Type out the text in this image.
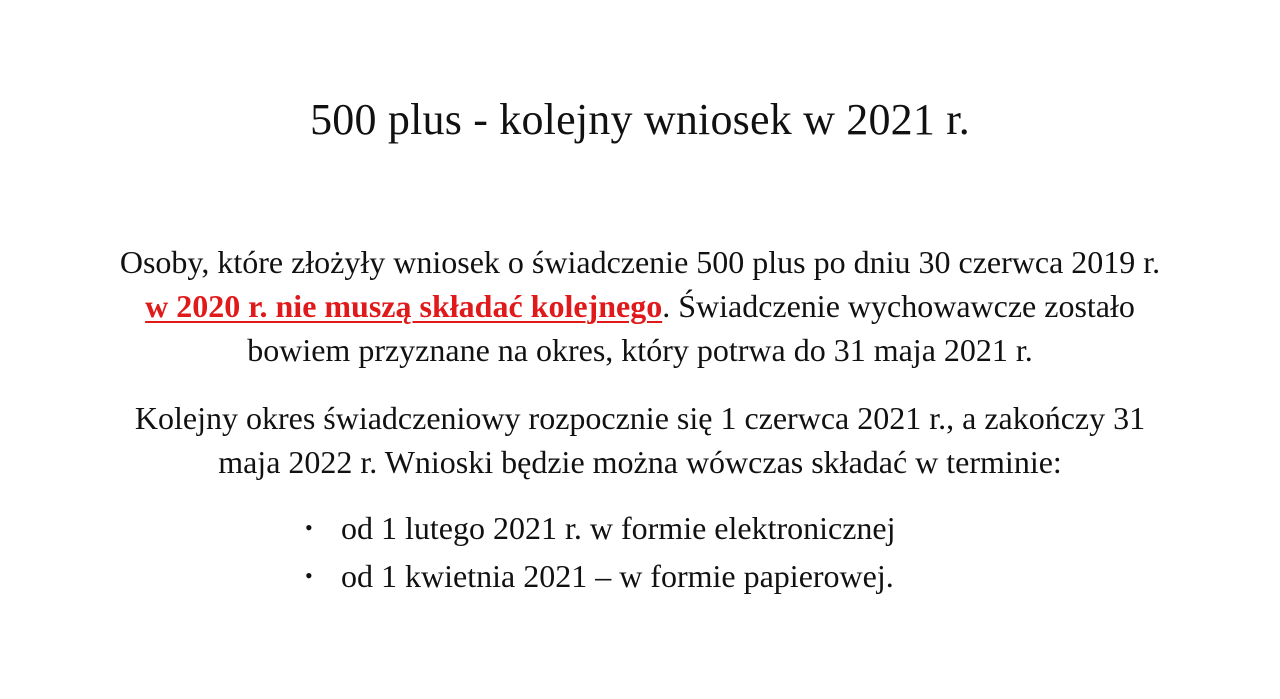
500 plus - kolejny wniosek w 2021 r.
Osoby, które złożyły wniosek o świadczenie 500 plus po dniu 30 czerwca 2019 r.
w 2020 r. nie muszą składać kolejnego. Świadczenie wychowawcze zostało
bowiem przyznane na okres, który potrwa do 31 maja 2021 r.
Kolejny okres świadczeniowy rozpocznie się 1 czerwca 2021 r., a zakończy 31
maja 2022 r. Wnioski będzie można wówczas składać w terminie:
• od 1 lutego 2021 r. w formie elektronicznej
• od 1 kwietnia 2021 – w formie papierowej.
